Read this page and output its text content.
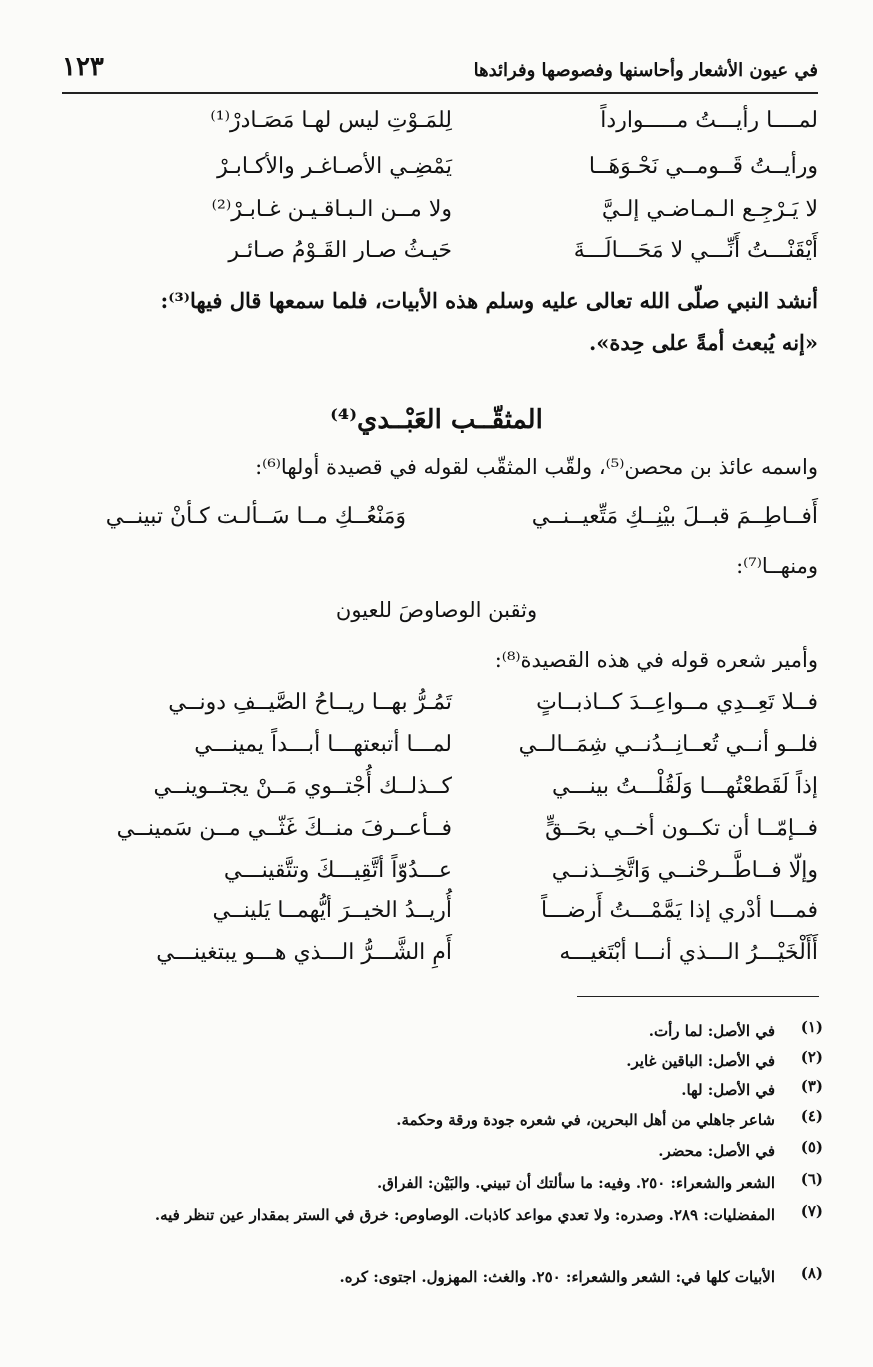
في عيون الأشعار وأحاسنها وفصوصها وفرائدها
١٢٣
لمــــا رأيـــتُ مـــــوارداً
لِلمَـوْتِ ليس لهـا مَصَـادرْ⁽¹⁾
ورأيــتُ قَــومــي نَحْـوَهَــا
يَمْضِـي الأصـاغـر والأكـابـرْ
لا يَـرْجِـع الـمـاضـي إلـيَّ
ولا مــن الـبـاقـيـن غـابـرْ⁽²⁾
أَيْقَنْـــتُ أَنِّـــي لا مَحَـــالَـــةَ
حَيـثُ صـار القَـوْمُ صـائـر
أنشد النبي صلّى الله تعالى عليه وسلم هذه الأبيات، فلما سمعها قال فيها⁽³⁾:
«إنه يُبعث أمةً على حِدة».
المثقّــب العَبْــدي⁽⁴⁾
واسمه عائذ بن محصن⁽⁵⁾، ولقّب المثقّب لقوله في قصيدة أولها⁽⁶⁾:
أَفــاطِــمَ قبــلَ بيْنِــكِ مَتِّعيــنــي
وَمَنْعُــكِ مــا سَــألـت كـأنْ تبينــي
ومنهــا⁽⁷⁾:
وثقبن الوصاوصَ للعيون
وأمير شعره قوله في هذه القصيدة⁽⁸⁾:
فــلا تَعِــدِي مــواعِــدَ كــاذبــاتٍ
تَمُـرُّ بهــا ريــاحُ الصَّيــفِ دونــي
فلــو أنــي تُعــانِــدُنــي شِمَــالــي
لمـــا أتبعتهـــا أبـــداً يمينـــي
إذاً لَقَطعْتُهـــا وَلَقُلْـــتُ بينـــي
كــذلــك أُجْتــوي مَــنْ يجتــوينــي
فــإمّــا أن تكــون أخــي بحَــقٍّ
فــأعــرفَ منــكَ غَثّــي مــن سَمينــي
وإلّا فــاطَّــرحْنــي وَاتَّخِــذنــي
عـــدُوّاً أتَّقِيـــكَ وتتَّقينـــي
فمـــا أدْري إذا يَمَّمْـــتُ أَرضـــاً
أُريــدُ الخيــرَ أيُّهمــا يَلينــي
أَأَلْخَيْـــرُ الـــذي أنـــا أبْتَغيـــه
أَمِ الشَّـــرُّ الـــذي هـــو يبتغينـــي
(١)
في الأصل: لما رأت.
(٢)
في الأصل: الباقين غاير.
(٣)
في الأصل: لها.
(٤)
شاعر جاهلي من أهل البحرين، في شعره جودة ورقة وحكمة.
(٥)
في الأصل: محضر.
(٦)
الشعر والشعراء: ٢٥٠. وفيه: ما سألتك أن تبيني. والبَيْن: الفراق.
(٧)
المفضليات: ٢٨٩. وصدره: ولا تعدي مواعد كاذبات. الوصاوص: خرق في الستر بمقدار عين تنظر فيه.
(٨)
الأبيات كلها في: الشعر والشعراء: ٢٥٠. والغث: المهزول. اجتوى: كره.
